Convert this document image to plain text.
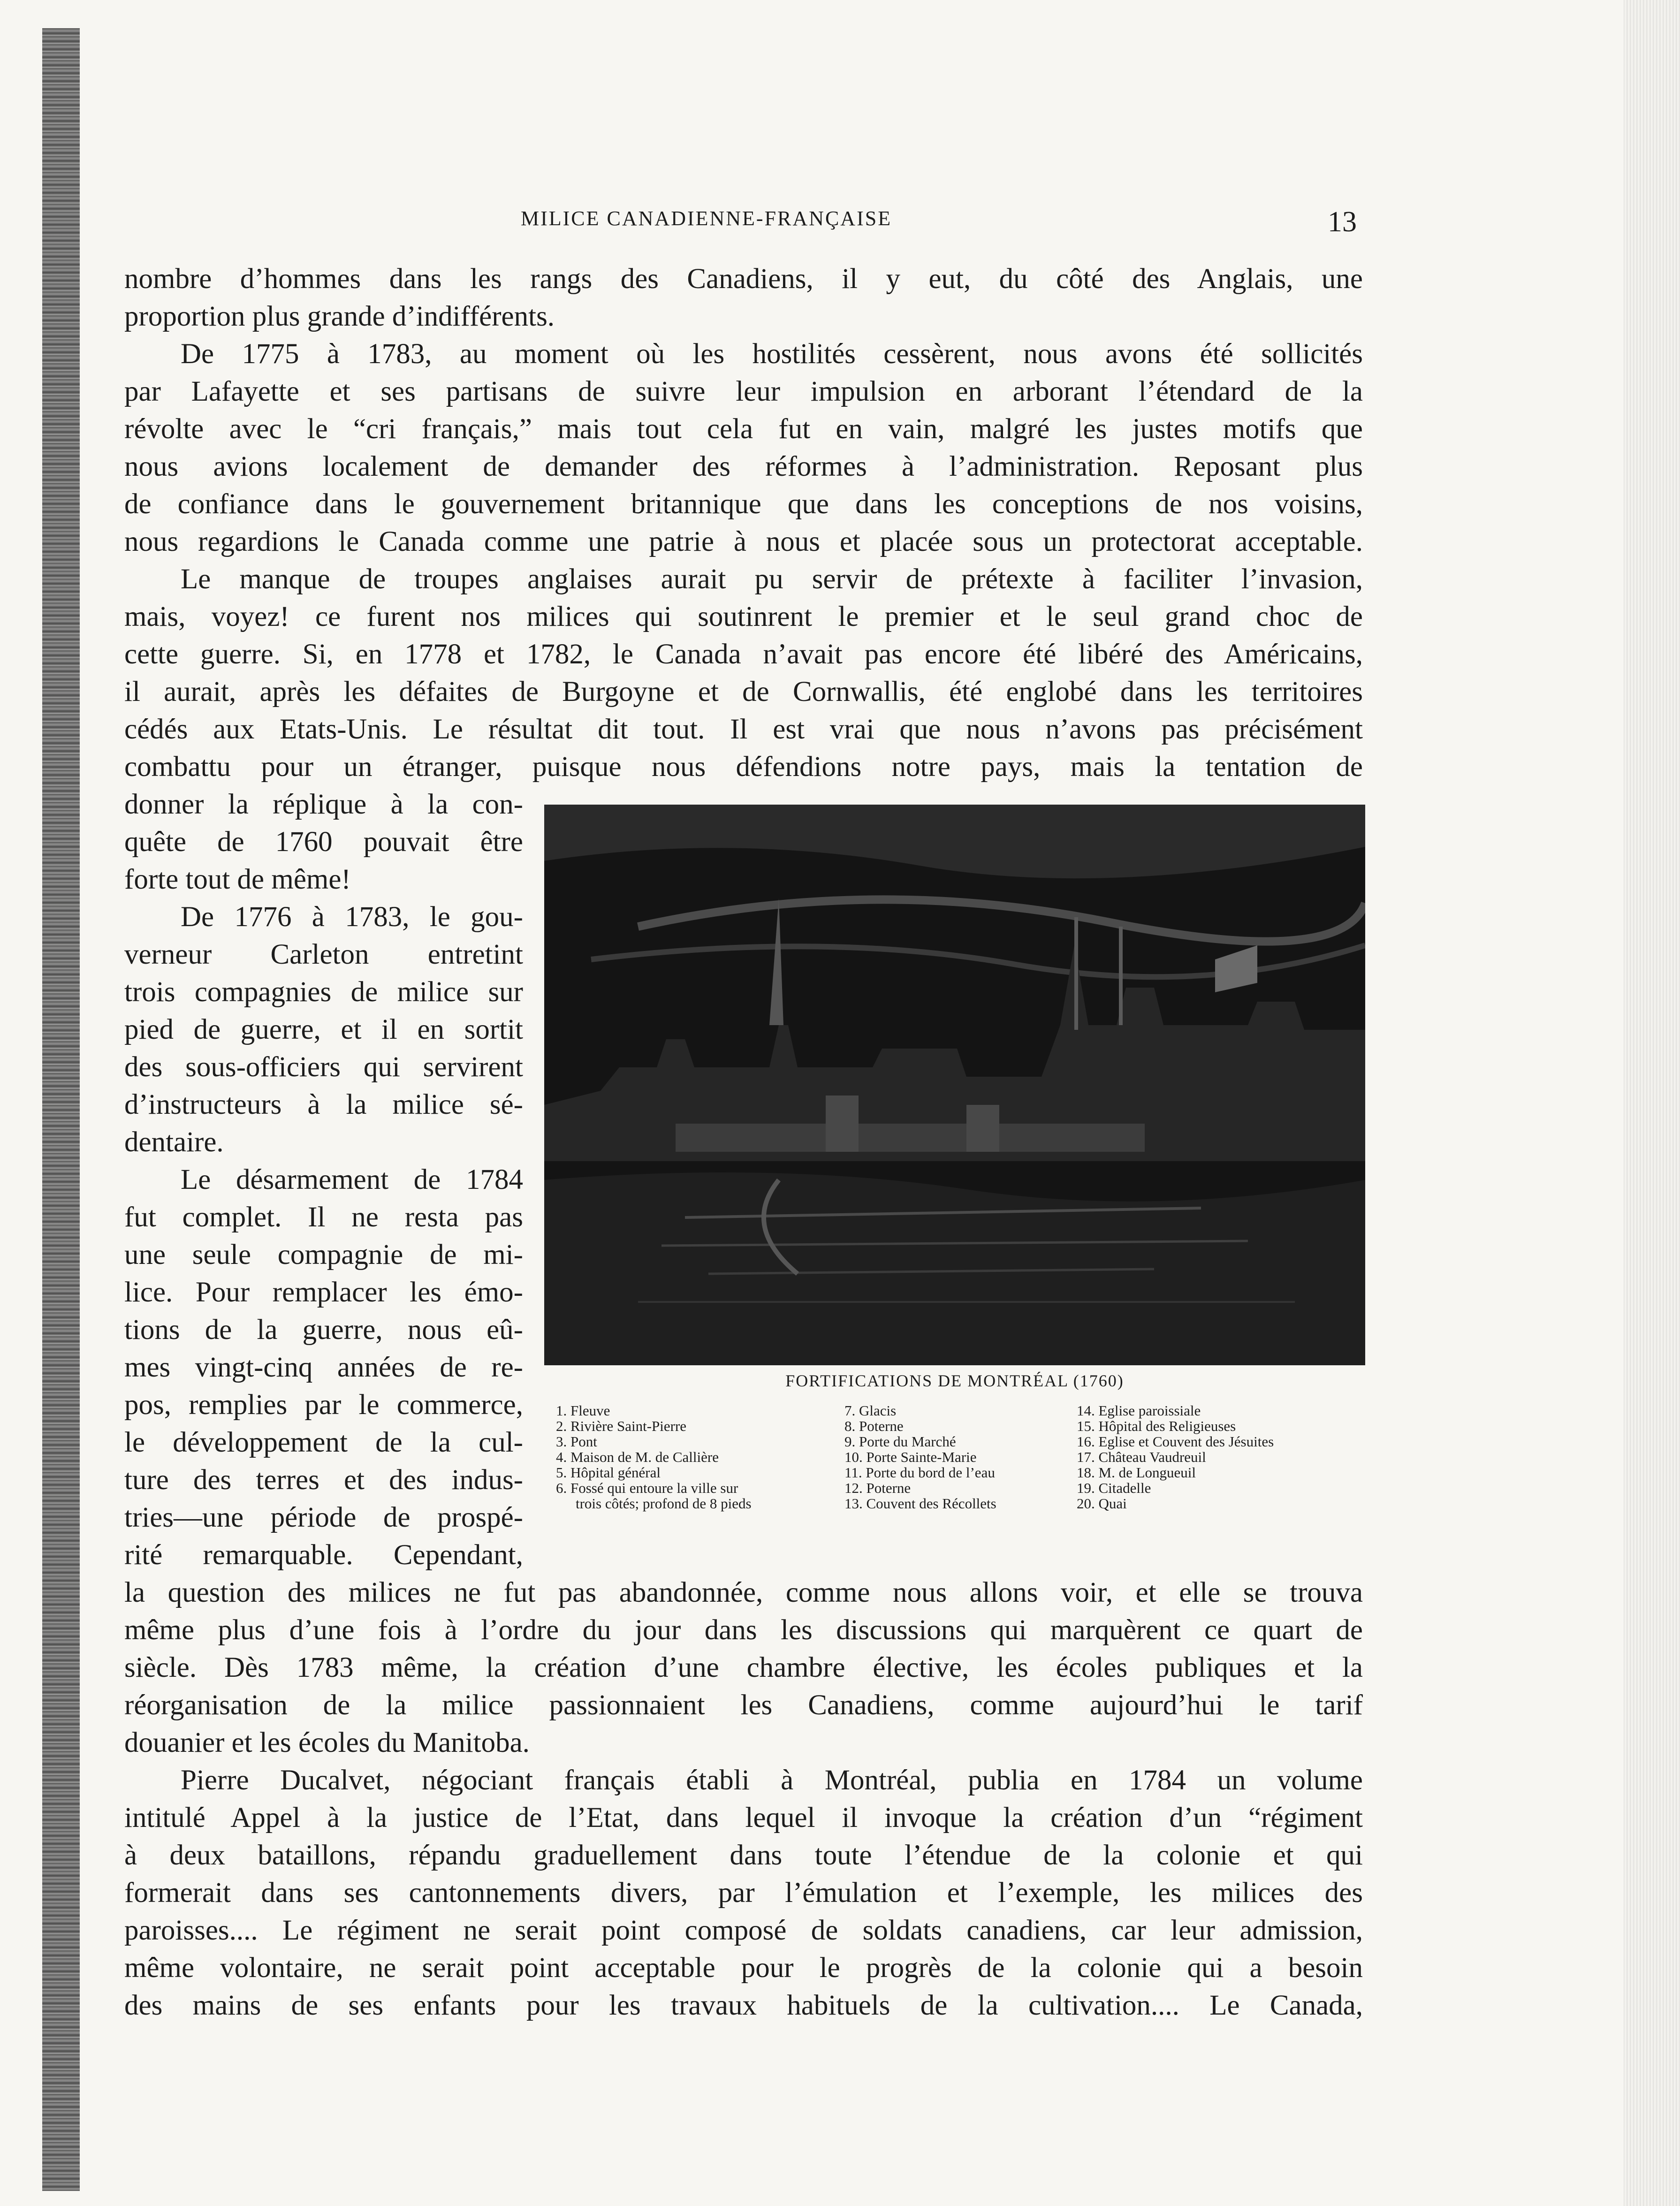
MILICE CANADIENNE-FRANÇAISE	13
nombre d’hommes dans les rangs des Canadiens, il y eut, du côté des Anglais, une
proportion plus grande d’indifférents.
De 1775 à 1783, au moment où les hostilités cessèrent, nous avons été sollicités
par Lafayette et ses partisans de suivre leur impulsion en arborant l’étendard de la
révolte avec le “cri français,” mais tout cela fut en vain, malgré les justes motifs que
nous avions localement de demander des réformes à l’administration. Reposant plus
de confiance dans le gouvernement britannique que dans les conceptions de nos voisins,
nous regardions le Canada comme une patrie à nous et placée sous un protectorat acceptable.
Le manque de troupes anglaises aurait pu servir de prétexte à faciliter l’invasion,
mais, voyez! ce furent nos milices qui soutinrent le premier et le seul grand choc de
cette guerre. Si, en 1778 et 1782, le Canada n’avait pas encore été libéré des Américains,
il aurait, après les défaites de Burgoyne et de Cornwallis, été englobé dans les territoires
cédés aux Etats-Unis. Le résultat dit tout. Il est vrai que nous n’avons pas précisément
combattu pour un étranger, puisque nous défendions notre pays, mais la tentation de
donner la réplique à la con-
quête de 1760 pouvait être
forte tout de même!
De 1776 à 1783, le gou-
verneur Carleton entretint
trois compagnies de milice sur
pied de guerre, et il en sortit
des sous-officiers qui servirent
d’instructeurs à la milice sé-
dentaire.
Le désarmement de 1784
fut complet. Il ne resta pas
une seule compagnie de mi-
lice. Pour remplacer les émo-
tions de la guerre, nous eû-
mes vingt-cinq années de re-
pos, remplies par le commerce,
le développement de la cul-
ture des terres et des indus-
tries—une période de prospé-
rité remarquable. Cependant,
FORTIFICATIONS DE MONTRÉAL (1760)
1. Fleuve
2. Rivière Saint-Pierre
3. Pont
4. Maison de M. de Callière
5. Hôpital général
6. Fossé qui entoure la ville sur
trois côtés; profond de 8 pieds
7. Glacis
8. Poterne
9. Porte du Marché
10. Porte Sainte-Marie
11. Porte du bord de l’eau
12. Poterne
13. Couvent des Récollets
14. Eglise paroissiale
15. Hôpital des Religieuses
16. Eglise et Couvent des Jésuites
17. Château Vaudreuil
18. M. de Longueuil
19. Citadelle
20. Quai
la question des milices ne fut pas abandonnée, comme nous allons voir, et elle se trouva
même plus d’une fois à l’ordre du jour dans les discussions qui marquèrent ce quart de
siècle. Dès 1783 même, la création d’une chambre élective, les écoles publiques et la
réorganisation de la milice passionnaient les Canadiens, comme aujourd’hui le tarif
douanier et les écoles du Manitoba.
Pierre Ducalvet, négociant français établi à Montréal, publia en 1784 un volume
intitulé Appel à la justice de l’Etat, dans lequel il invoque la création d’un “régiment
à deux bataillons, répandu graduellement dans toute l’étendue de la colonie et qui
formerait dans ses cantonnements divers, par l’émulation et l’exemple, les milices des
paroisses.... Le régiment ne serait point composé de soldats canadiens, car leur admission,
même volontaire, ne serait point acceptable pour le progrès de la colonie qui a besoin
des mains de ses enfants pour les travaux habituels de la cultivation.... Le Canada,
